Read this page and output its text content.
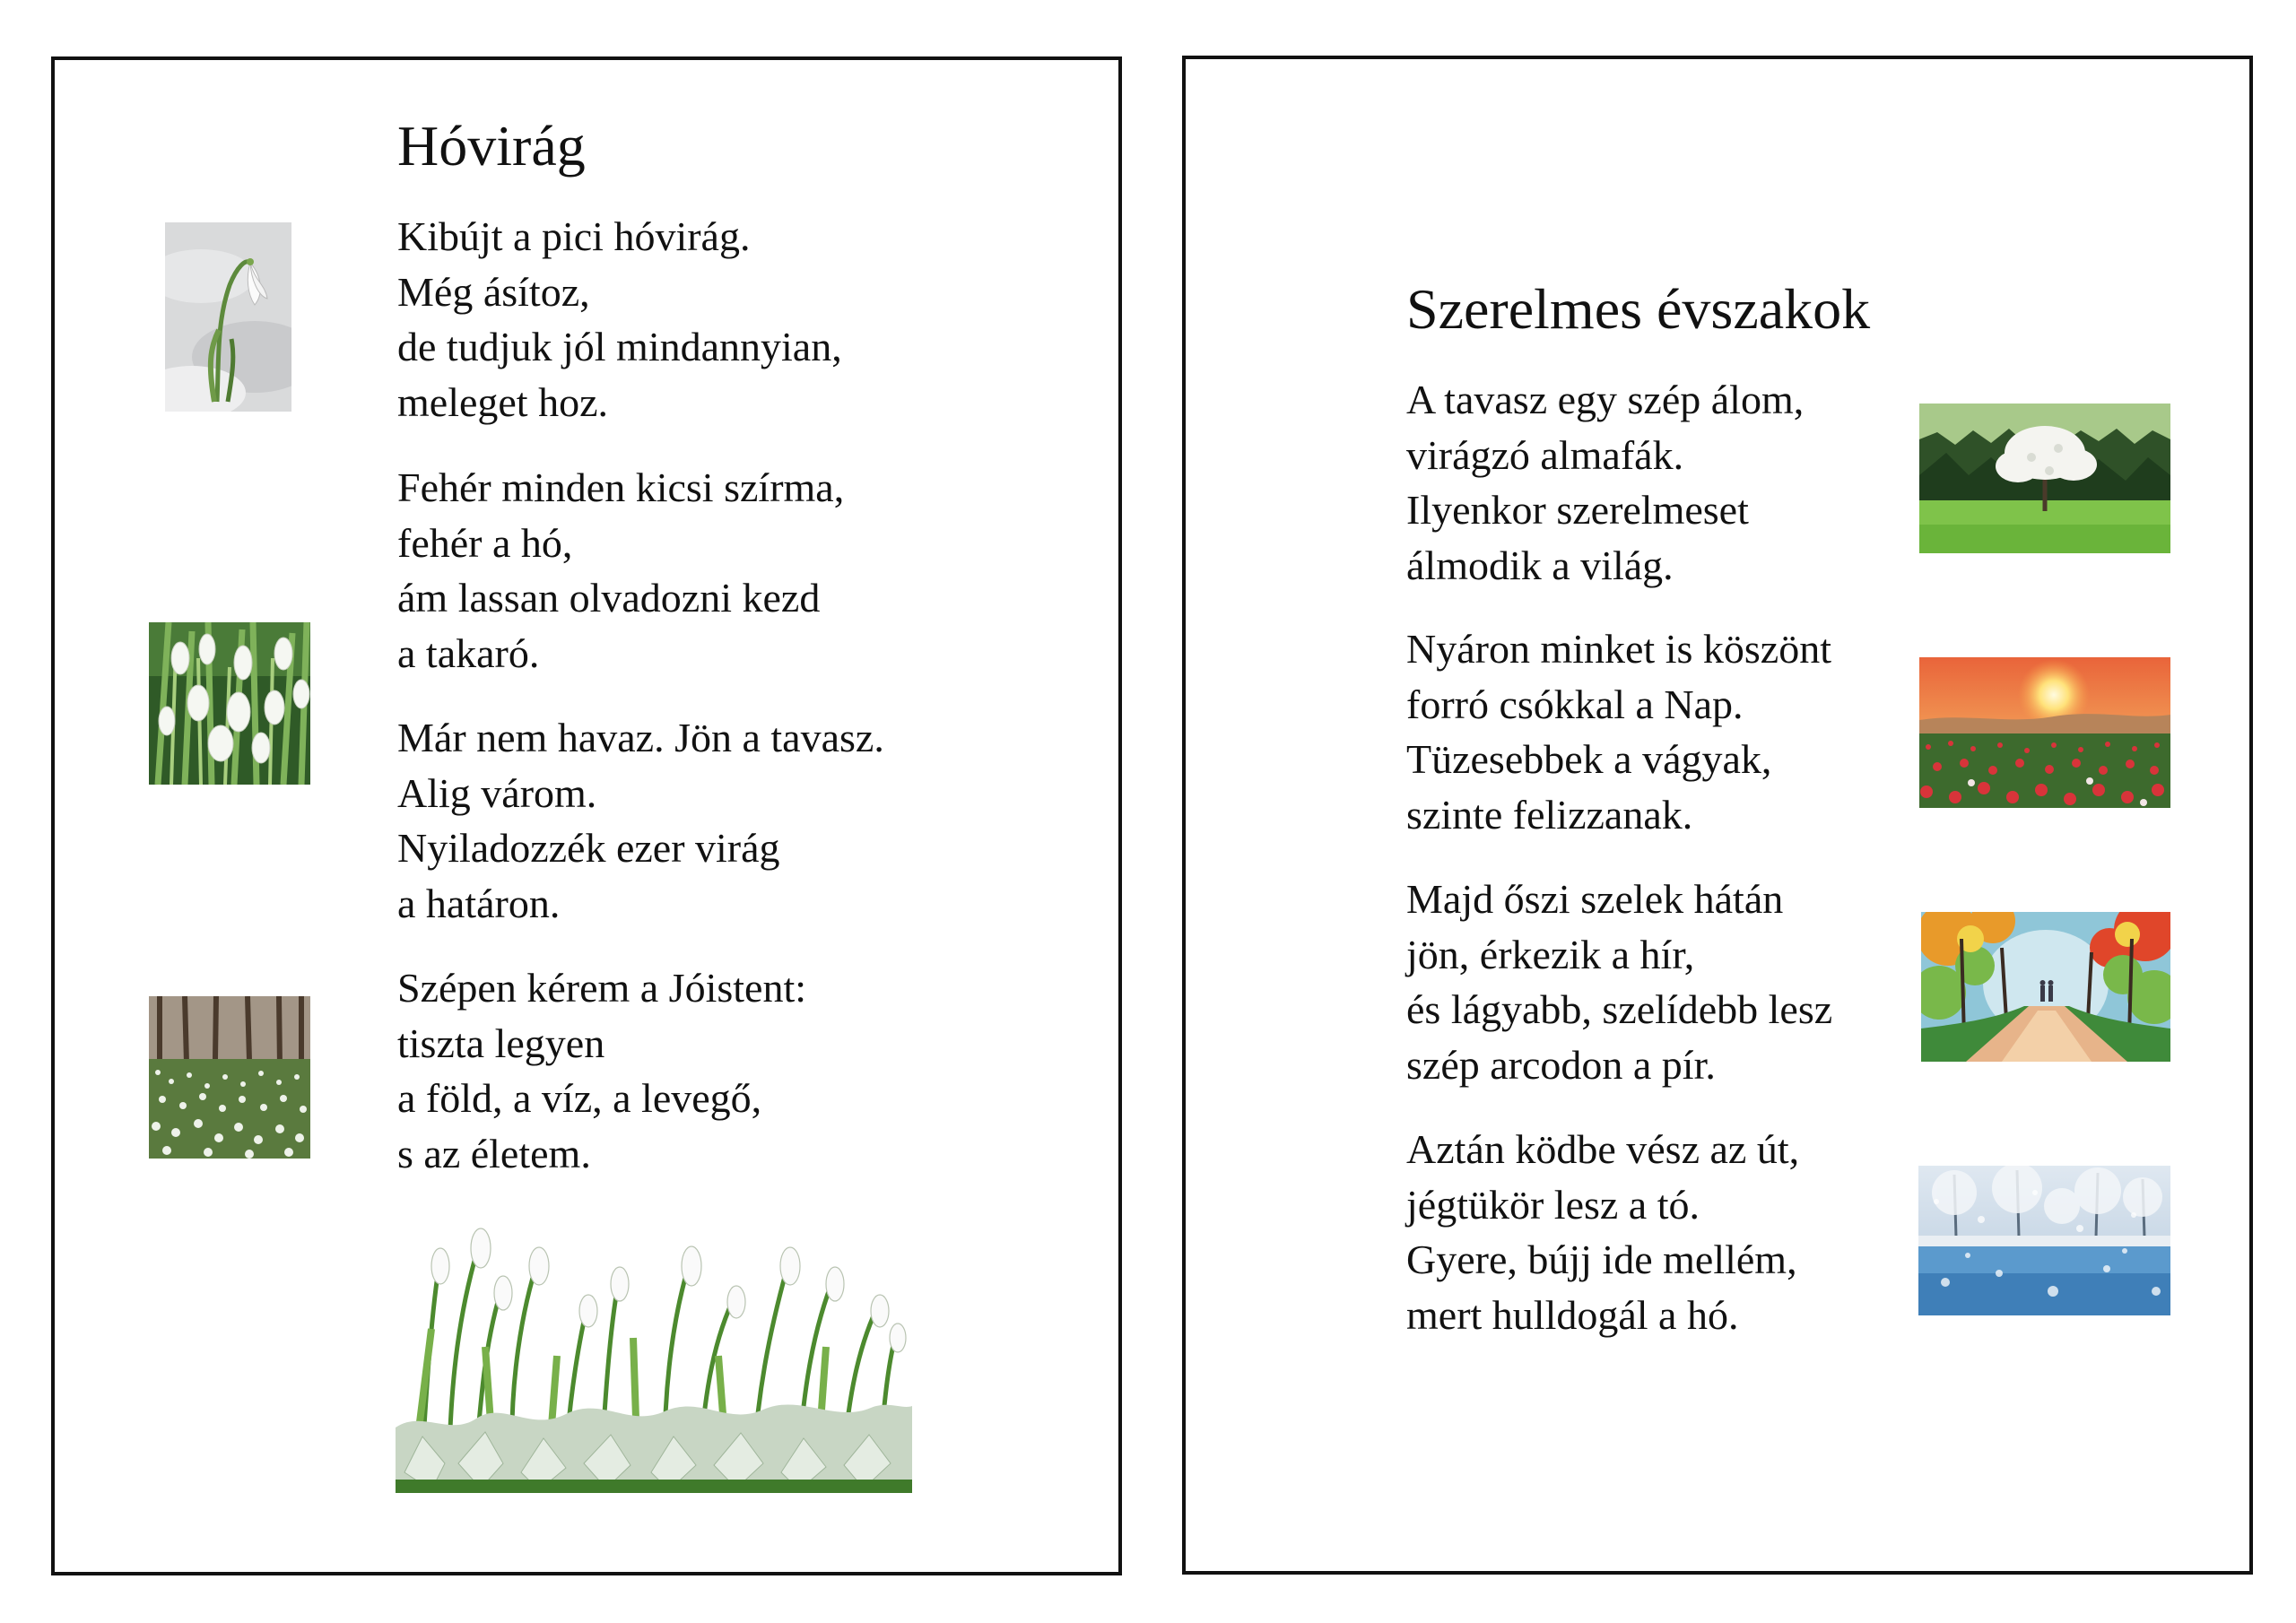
Hóvirág
Kibújt a pici hóvirág.
Még ásítoz,
de tudjuk jól mindannyian,
meleget hoz.
Fehér minden kicsi szírma,
fehér a hó,
ám lassan olvadozni kezd
a takaró.
Már nem havaz. Jön a tavasz.
Alig várom.
Nyiladozzék ezer virág
a határon.
Szépen kérem a Jóistent:
tiszta legyen
a föld, a víz, a levegő,
s az életem.
Szerelmes évszakok
A tavasz egy szép álom,
virágzó almafák.
Ilyenkor szerelmeset
álmodik a világ.
Nyáron minket is köszönt
forró csókkal a Nap.
Tüzesebbek a vágyak,
szinte felizzanak.
Majd őszi szelek hátán
jön, érkezik a hír,
és lágyabb, szelídebb lesz
szép arcodon a pír.
Aztán ködbe vész az út,
jégtükör lesz a tó.
Gyere, bújj ide mellém,
mert hulldogál a hó.
